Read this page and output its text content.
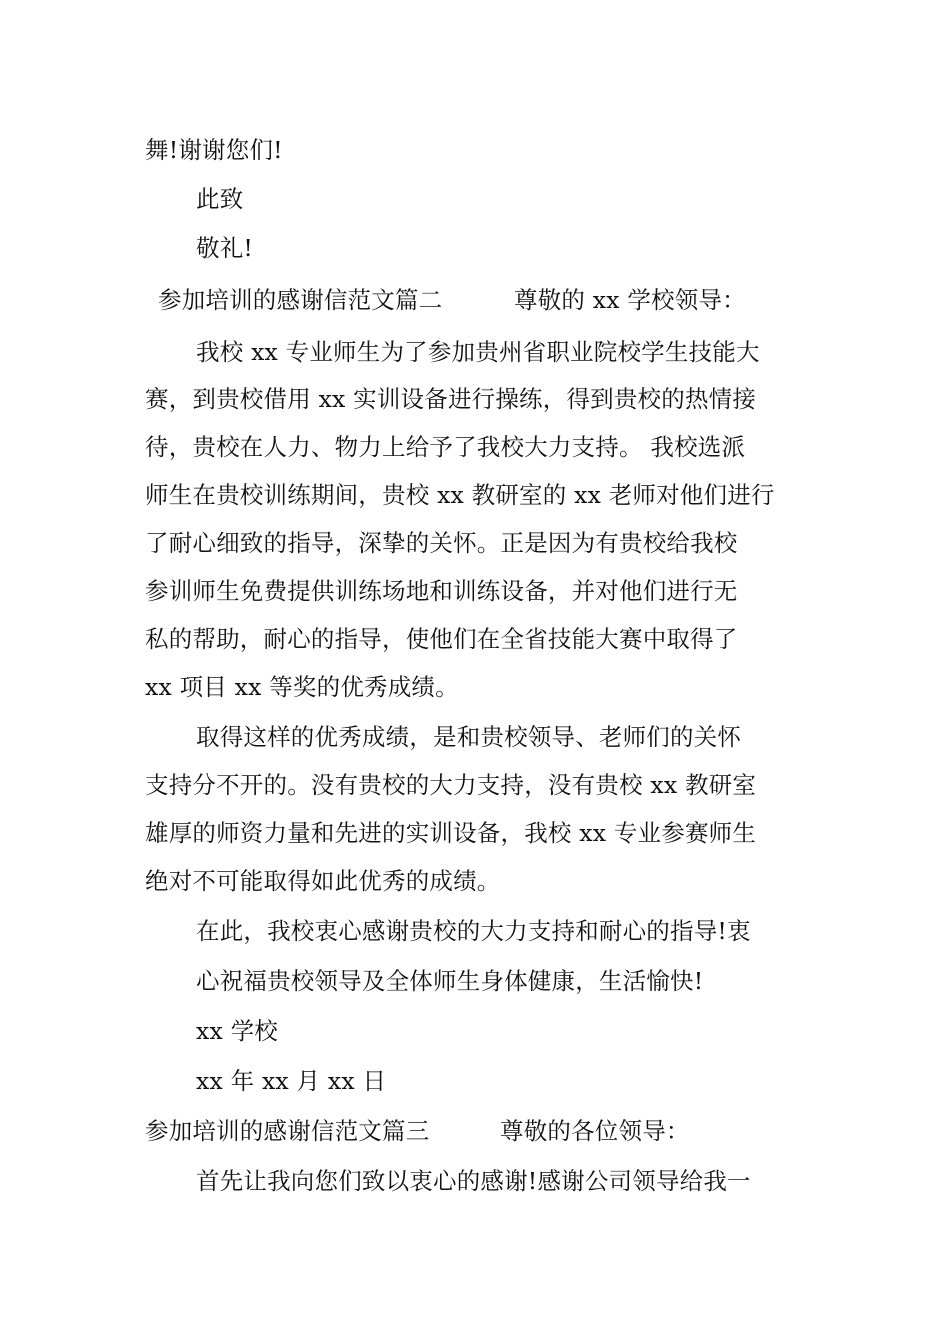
舞!谢谢您们!
此致
敬礼!
参加培训的感谢信范文篇二	尊敬的 xx 学校领导：
我校 xx 专业师生为了参加贵州省职业院校学生技能大
赛，到贵校借用 xx 实训设备进行操练，得到贵校的热情接
待，贵校在人力、物力上给予了我校大力支持。 我校选派
师生在贵校训练期间，贵校 xx 教研室的 xx 老师对他们进行
了耐心细致的指导，深挚的关怀。正是因为有贵校给我校
参训师生免费提供训练场地和训练设备，并对他们进行无
私的帮助，耐心的指导，使他们在全省技能大赛中取得了
xx 项目 xx 等奖的优秀成绩。
取得这样的优秀成绩，是和贵校领导、老师们的关怀
支持分不开的。没有贵校的大力支持，没有贵校 xx 教研室
雄厚的师资力量和先进的实训设备，我校 xx 专业参赛师生
绝对不可能取得如此优秀的成绩。
在此，我校衷心感谢贵校的大力支持和耐心的指导!衷
心祝福贵校领导及全体师生身体健康，生活愉快!
xx 学校
xx 年 xx 月 xx 日
参加培训的感谢信范文篇三	尊敬的各位领导：
首先让我向您们致以衷心的感谢!感谢公司领导给我一
